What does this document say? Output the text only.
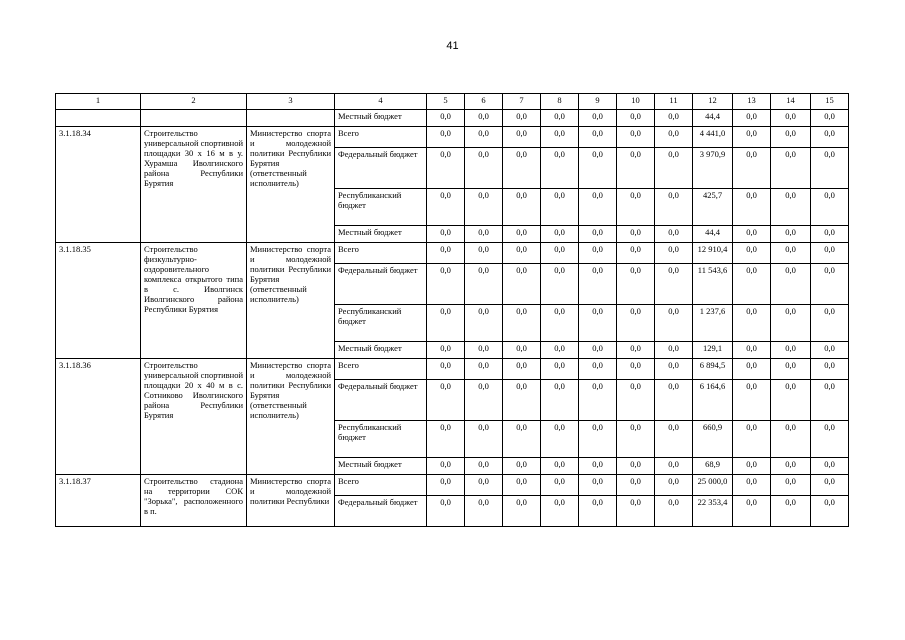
41
1	2	3	4	5	6	7	8	9	10	11	12	13	14	15
			Местный бюджет	0,0	0,0	0,0	0,0	0,0	0,0	0,0	44,4	0,0	0,0	0,0
3.1.18.34	Строительство универсальной спортивной площадки 30 х 16 м в у. Хурамша Иволгинского района Республики Бурятия	Министерство спорта и молодежной политики Республики Бурятия (ответственный исполнитель)	Всего	0,0	0,0	0,0	0,0	0,0	0,0	0,0	4 441,0	0,0	0,0	0,0
			Федеральный бюджет	0,0	0,0	0,0	0,0	0,0	0,0	0,0	3 970,9	0,0	0,0	0,0
			Республиканский бюджет	0,0	0,0	0,0	0,0	0,0	0,0	0,0	425,7	0,0	0,0	0,0
			Местный бюджет	0,0	0,0	0,0	0,0	0,0	0,0	0,0	44,4	0,0	0,0	0,0
3.1.18.35	Строительство физкультурно-оздоровительного комплекса открытого типа в с. Иволгинск Иволгинского района Республики Бурятия	Министерство спорта и молодежной политики Республики Бурятия (ответственный исполнитель)	Всего	0,0	0,0	0,0	0,0	0,0	0,0	0,0	12 910,4	0,0	0,0	0,0
			Федеральный бюджет	0,0	0,0	0,0	0,0	0,0	0,0	0,0	11 543,6	0,0	0,0	0,0
			Республиканский бюджет	0,0	0,0	0,0	0,0	0,0	0,0	0,0	1 237,6	0,0	0,0	0,0
			Местный бюджет	0,0	0,0	0,0	0,0	0,0	0,0	0,0	129,1	0,0	0,0	0,0
3.1.18.36	Строительство универсальной спортивной площадки 20 х 40 м в с. Сотниково Иволгинского района Республики Бурятия	Министерство спорта и молодежной политики Республики Бурятия (ответственный исполнитель)	Всего	0,0	0,0	0,0	0,0	0,0	0,0	0,0	6 894,5	0,0	0,0	0,0
			Федеральный бюджет	0,0	0,0	0,0	0,0	0,0	0,0	0,0	6 164,6	0,0	0,0	0,0
			Республиканский бюджет	0,0	0,0	0,0	0,0	0,0	0,0	0,0	660,9	0,0	0,0	0,0
			Местный бюджет	0,0	0,0	0,0	0,0	0,0	0,0	0,0	68,9	0,0	0,0	0,0
3.1.18.37	Строительство стадиона на территории СОК "Зорька", расположенного в п.	Министерство спорта и молодежной политики Республики	Всего	0,0	0,0	0,0	0,0	0,0	0,0	0,0	25 000,0	0,0	0,0	0,0
			Федеральный бюджет	0,0	0,0	0,0	0,0	0,0	0,0	0,0	22 353,4	0,0	0,0	0,0
